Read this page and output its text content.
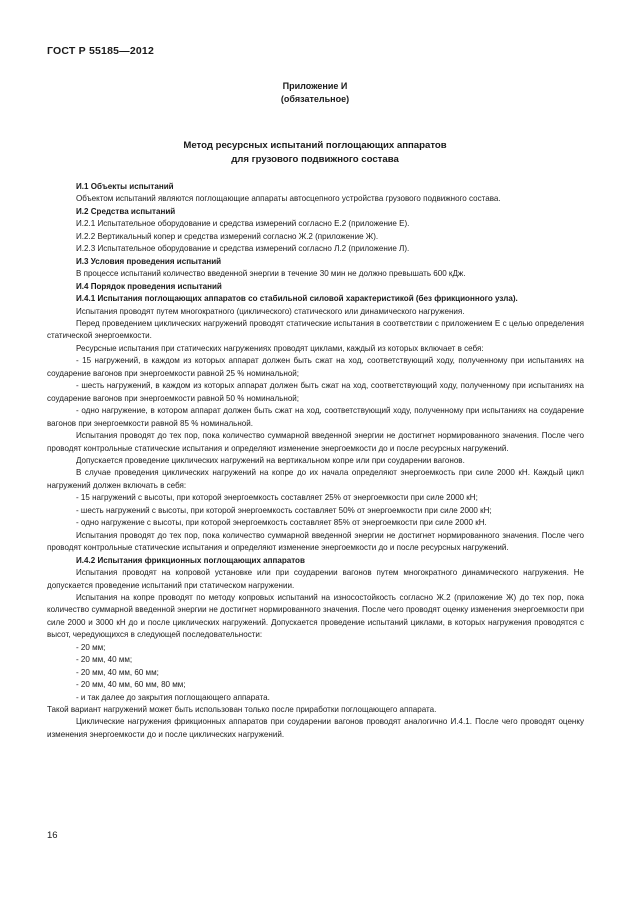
ГОСТ Р 55185—2012
Приложение И
(обязательное)
Метод ресурсных испытаний поглощающих аппаратов
для грузового подвижного состава

И.1 Объекты испытаний

Объектом испытаний являются поглощающие аппараты автосцепного устройства грузового подвижного состава.

И.2 Средства испытаний

И.2.1 Испытательное оборудование и средства измерений согласно Е.2 (приложение Е).

И.2.2 Вертикальный копер и средства измерений согласно Ж.2 (приложение Ж).

И.2.3 Испытательное оборудование и средства измерений согласно Л.2 (приложение Л).

И.3 Условия проведения испытаний

В процессе испытаний количество введенной энергии в течение 30 мин не должно превышать 600 кДж.

И.4 Порядок проведения испытаний

И.4.1 Испытания поглощающих аппаратов со стабильной силовой характеристикой (без фрикционного узла).

Испытания проводят путем многократного (циклического) статического или динамического нагружения.

Перед проведением циклических нагружений проводят статические испытания в соответствии с приложением Е с целью определения статической энергоемкости.

Ресурсные испытания при статических нагружениях проводят циклами, каждый из которых включает в себя:

- 15 нагружений, в каждом из которых аппарат должен быть сжат на ход, соответствующий ходу, полученному при испытаниях на соударение вагонов при энергоемкости равной 25 % номинальной;

- шесть нагружений, в каждом из которых аппарат должен быть сжат на ход, соответствующий ходу, полученному при испытаниях на соударение вагонов при энергоемкости равной 50 % номинальной;

- одно нагружение, в котором аппарат должен быть сжат на ход, соответствующий ходу, полученному при испытаниях на соударение вагонов при энергоемкости равной 85 % номинальной.

Испытания проводят до тех пор, пока количество суммарной введенной энергии не достигнет нормированного значения. После чего проводят контрольные статические испытания и определяют изменение энергоемкости до и после ресурсных нагружений.

Допускается проведение циклических нагружений на вертикальном копре или при соударении вагонов.

В случае проведения циклических нагружений на копре до их начала определяют энергоемкость при силе 2000 кН. Каждый цикл нагружений должен включать в себя:

- 15 нагружений с высоты, при которой энергоемкость составляет 25% от энергоемкости при силе 2000 кН;

- шесть нагружений с высоты, при которой энергоемкость составляет 50% от энергоемкости при силе 2000 кН;

- одно нагружение с высоты, при которой энергоемкость составляет 85% от энергоемкости при силе 2000 кН.

Испытания проводят до тех пор, пока количество суммарной введенной энергии не достигнет нормированного значения. После чего проводят контрольные статические испытания и определяют изменение энергоемкости до и после ресурсных нагружений.

И.4.2 Испытания фрикционных поглощающих аппаратов

Испытания проводят на копровой установке или при соударении вагонов путем многократного динамического нагружения. Не допускается проведение испытаний при статическом нагружении.

Испытания на копре проводят по методу копровых испытаний на износостойкость согласно Ж.2 (приложение Ж) до тех пор, пока количество суммарной введенной энергии не достигнет нормированного значения. После чего проводят оценку изменения энергоемкости при силе 2000 и 3000 кН до и после циклических нагружений. Допускается проведение испытаний циклами, в которых нагружения проводятся с высот, чередующихся в следующей последовательности:

- 20 мм;

- 20 мм, 40 мм;

- 20 мм, 40 мм, 60 мм;

- 20 мм, 40 мм, 60 мм, 80 мм;

- и так далее до закрытия поглощающего аппарата.

Такой вариант нагружений может быть использован только после приработки поглощающего аппарата.

Циклические нагружения фрикционных аппаратов при соударении вагонов проводят аналогично И.4.1. После чего проводят оценку изменения энергоемкости до и после циклических нагружений.

16
